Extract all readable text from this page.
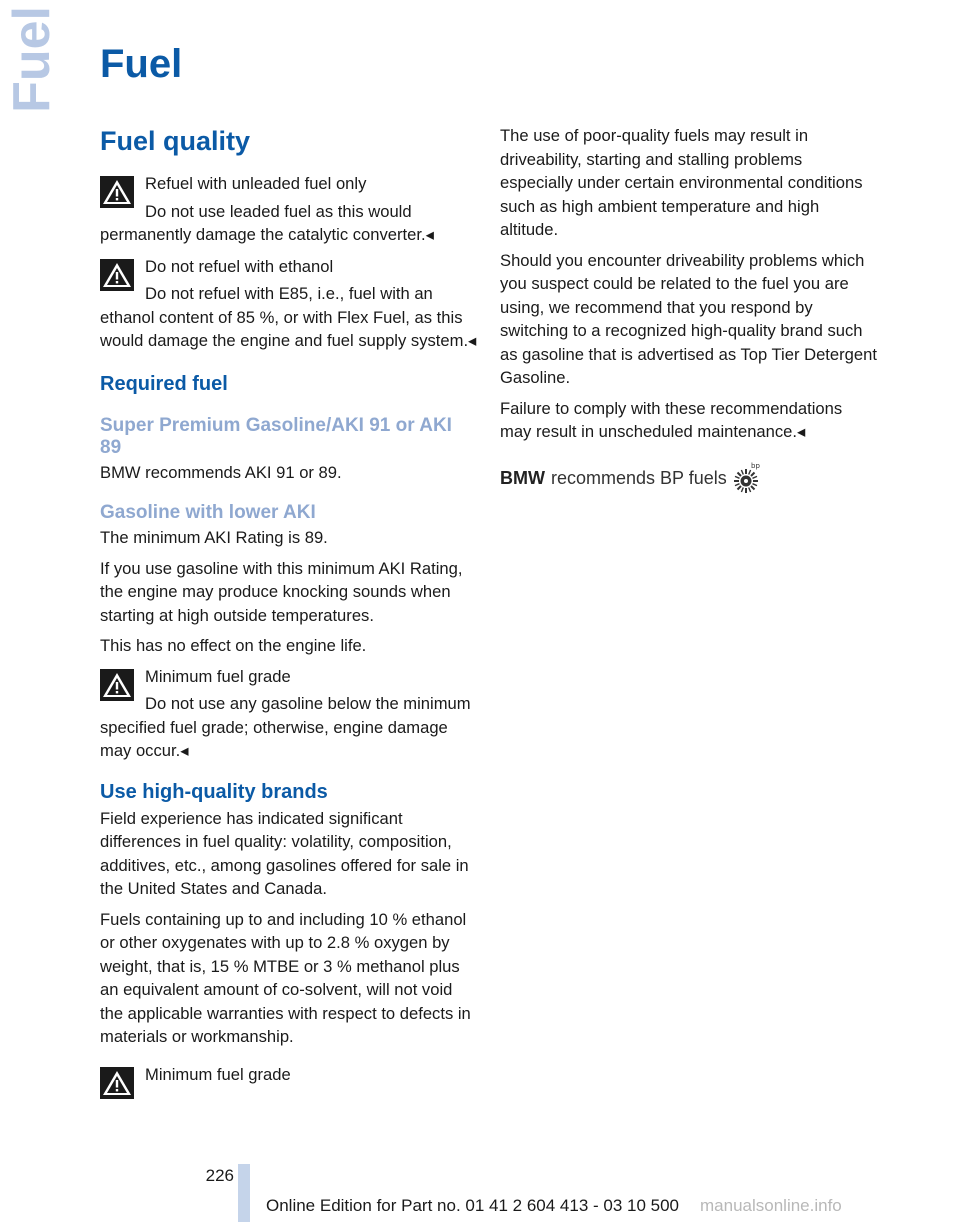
Fuel Fuel
Fuel quality

Refuel with unleaded fuel only

Do not use leaded fuel as this would permanently damage the catalytic converter.◂

Do not refuel with ethanol

Do not refuel with E85, i.e., fuel with an ethanol content of 85 %, or with Flex Fuel, as this would damage the engine and fuel supply system.◂

Required fuel
Super Premium Gasoline/AKI 91 or AKI 89

BMW recommends AKI 91 or 89.

Gasoline with lower AKI

The minimum AKI Rating is 89.

If you use gasoline with this minimum AKI Rating, the engine may produce knocking sounds when starting at high outside temperatures.

This has no effect on the engine life.

Minimum fuel grade

Do not use any gasoline below the minimum specified fuel grade; otherwise, engine damage may occur.◂

Use high-quality brands

Field experience has indicated significant differences in fuel quality: volatility, composition, additives, etc., among gasolines offered for sale in the United States and Canada.

Fuels containing up to and including 10 % ethanol or other oxygenates with up to 2.8 % oxygen by weight, that is, 15 % MTBE or 3 % methanol plus an equivalent amount of co-solvent, will not void the applicable warranties with respect to defects in materials or workmanship.

Minimum fuel grade

The use of poor-quality fuels may result in driveability, starting and stalling problems especially under certain environmental conditions such as high ambient temperature and high altitude.

Should you encounter driveability problems which you suspect could be related to the fuel you are using, we recommend that you respond by switching to a recognized high-quality brand such as gasoline that is advertised as Top Tier Detergent Gasoline.

Failure to comply with these recommendations may result in unscheduled maintenance.◂

BMW recommends BP fuels
bp
226
Online Edition for Part no. 01 41 2 604 413 - 03 10 500 manualsonline.info
